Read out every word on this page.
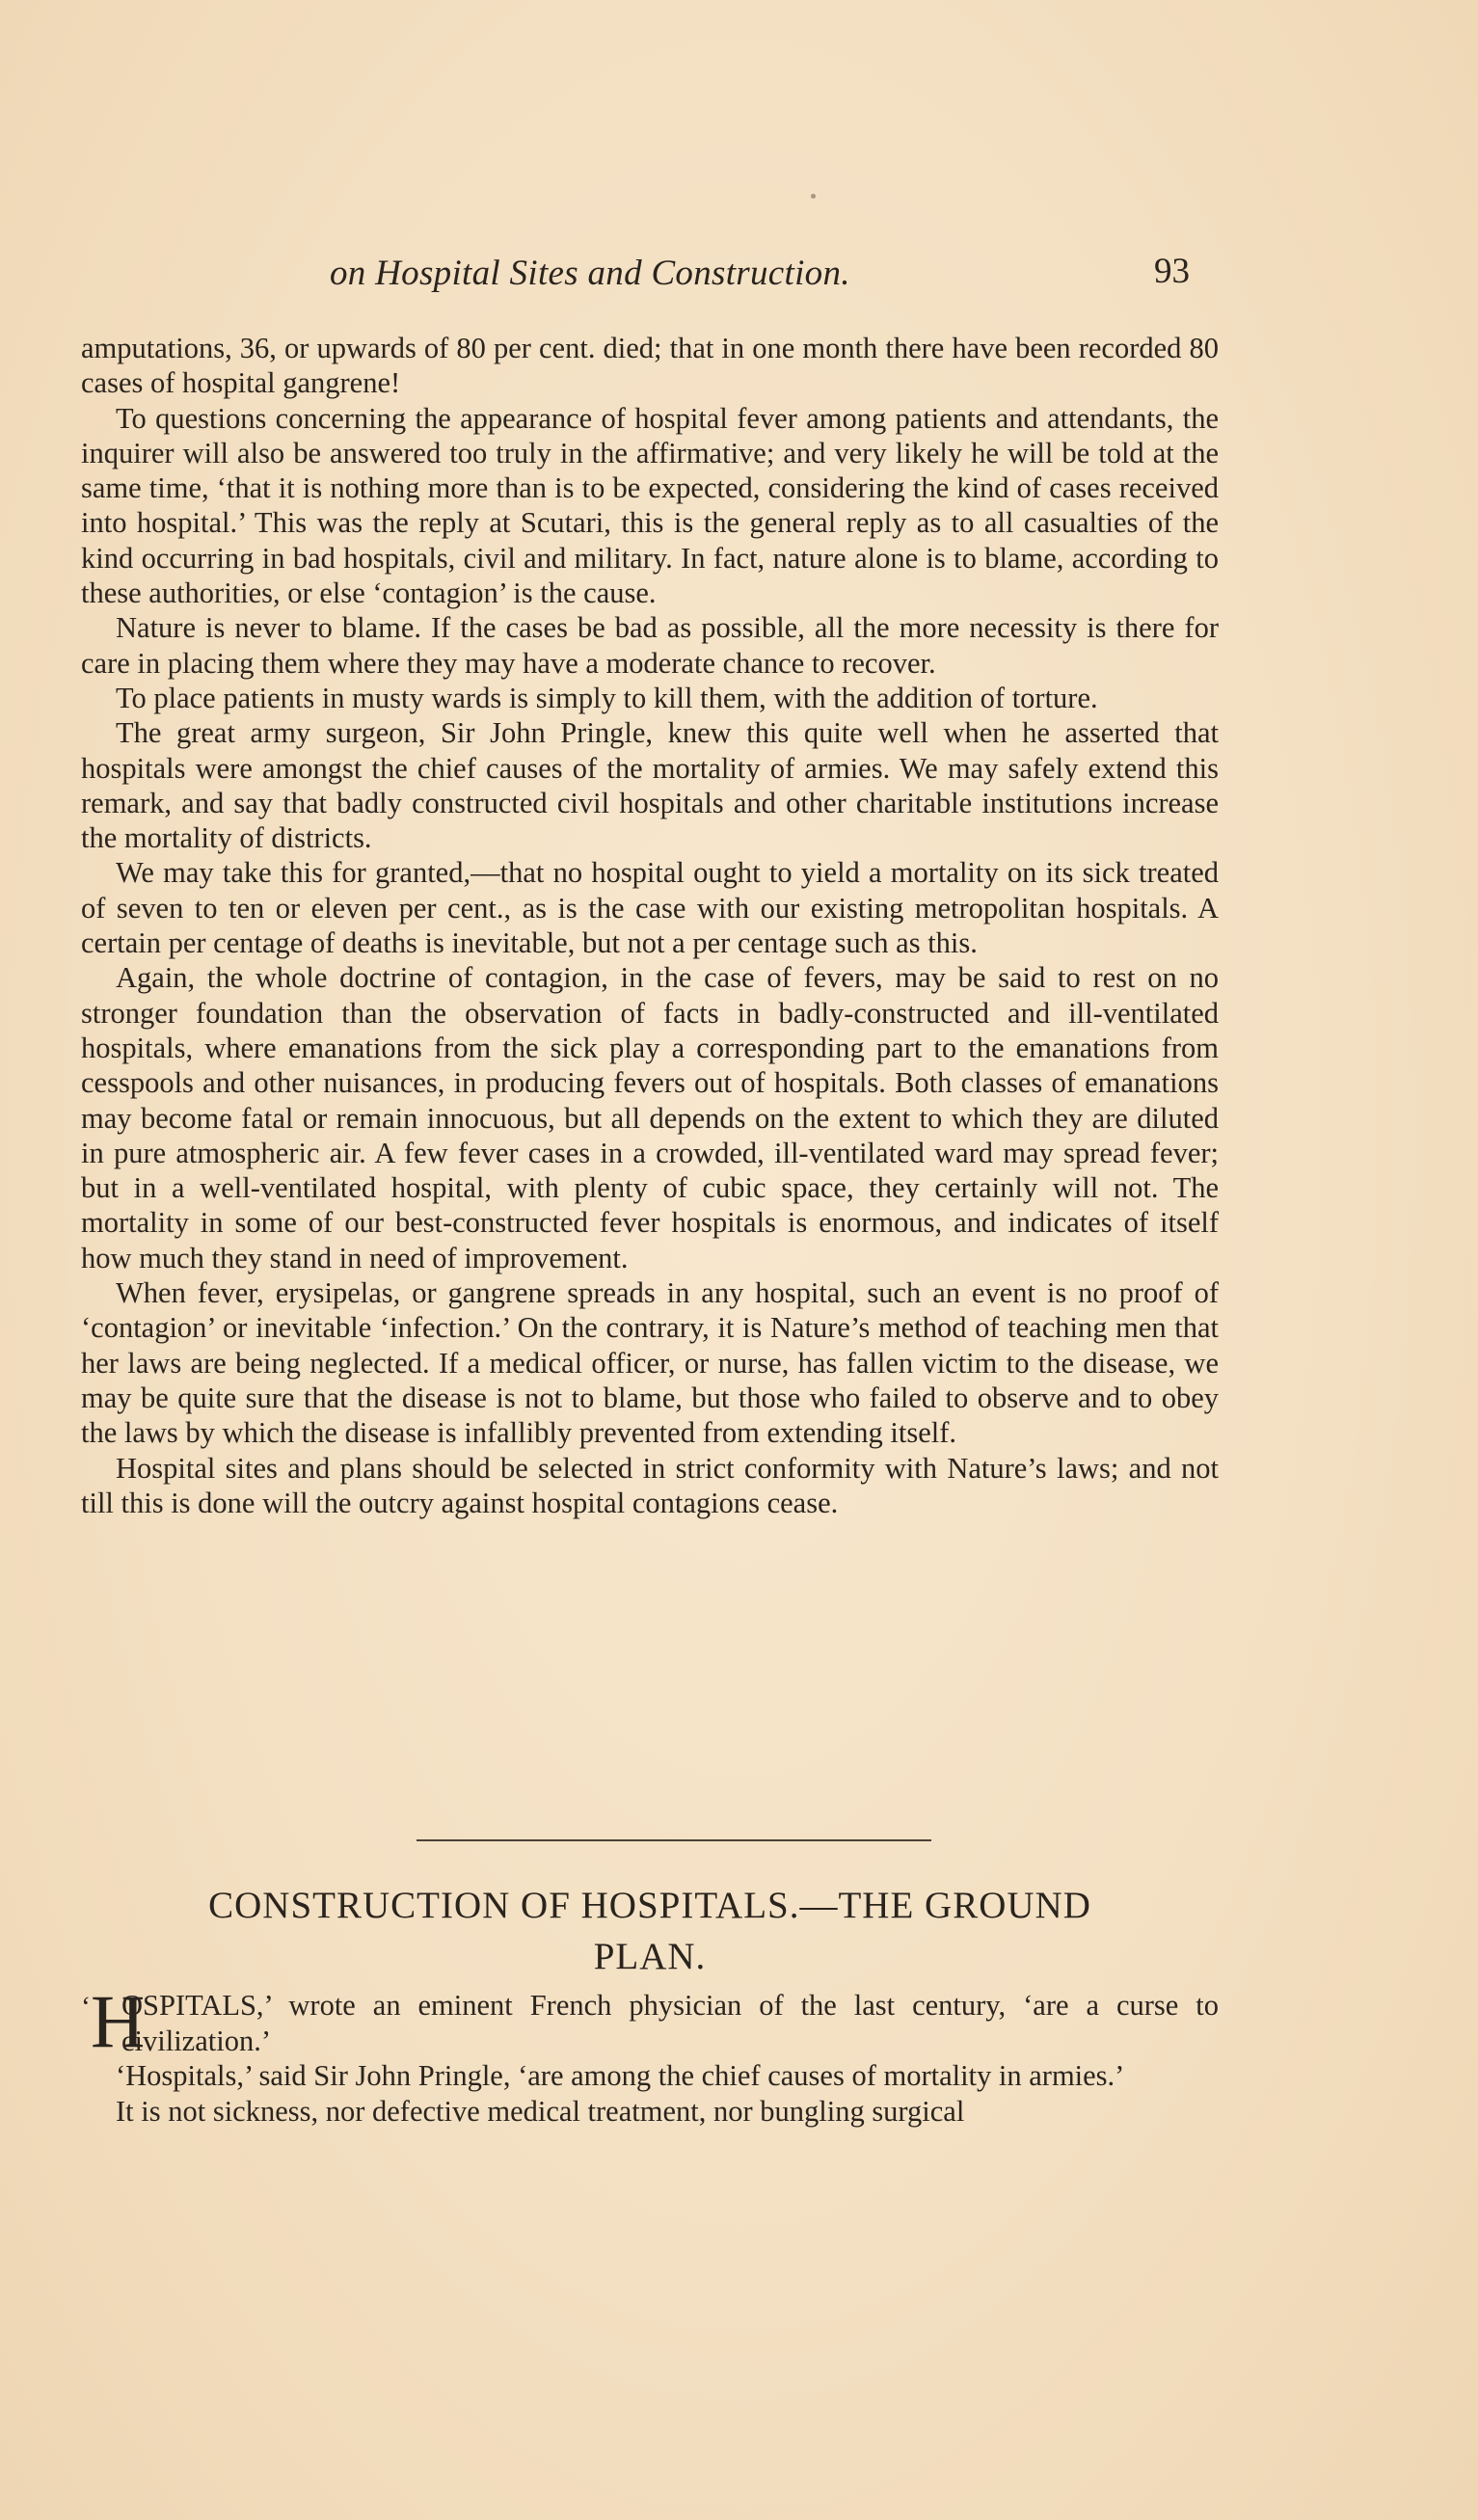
on Hospital Sites and Construction.	93

amputations, 36, or upwards of 80 per cent. died; that in one month there have been recorded 80 cases of hospital gangrene!

To questions concerning the appearance of hospital fever among patients and attendants, the inquirer will also be answered too truly in the affirmative; and very likely he will be told at the same time, ‘that it is nothing more than is to be expected, considering the kind of cases received into hospital.’ This was the reply at Scutari, this is the general reply as to all casualties of the kind occurring in bad hospitals, civil and military. In fact, nature alone is to blame, according to these authorities, or else ‘contagion’ is the cause.

Nature is never to blame. If the cases be bad as possible, all the more necessity is there for care in placing them where they may have a moderate chance to recover.

To place patients in musty wards is simply to kill them, with the addition of torture.

The great army surgeon, Sir John Pringle, knew this quite well when he asserted that hospitals were amongst the chief causes of the mortality of armies. We may safely extend this remark, and say that badly constructed civil hospitals and other charitable institutions increase the mortality of districts.

We may take this for granted,—that no hospital ought to yield a mortality on its sick treated of seven to ten or eleven per cent., as is the case with our existing metropolitan hospitals. A certain per centage of deaths is inevitable, but not a per centage such as this.

Again, the whole doctrine of contagion, in the case of fevers, may be said to rest on no stronger foundation than the observation of facts in badly-constructed and ill-ventilated hospitals, where emanations from the sick play a corresponding part to the emanations from cesspools and other nuisances, in producing fevers out of hospitals. Both classes of emanations may become fatal or remain innocuous, but all depends on the extent to which they are diluted in pure atmospheric air. A few fever cases in a crowded, ill-ventilated ward may spread fever; but in a well-ventilated hospital, with plenty of cubic space, they certainly will not. The mortality in some of our best-constructed fever hospitals is enormous, and indicates of itself how much they stand in need of improvement.

When fever, erysipelas, or gangrene spreads in any hospital, such an event is no proof of ‘contagion’ or inevitable ‘infection.’ On the contrary, it is Nature’s method of teaching men that her laws are being neglected. If a medical officer, or nurse, has fallen victim to the disease, we may be quite sure that the disease is not to blame, but those who failed to observe and to obey the laws by which the disease is infallibly prevented from extending itself.

Hospital sites and plans should be selected in strict conformity with Nature’s laws; and not till this is done will the outcry against hospital contagions cease.

CONSTRUCTION OF HOSPITALS.—THE GROUND
PLAN.

‘ H
OSPITALS,’ wrote an eminent French physician of the last century, ‘are a curse to civilization.’

‘Hospitals,’ said Sir John Pringle, ‘are among the chief causes of mortality in armies.’

It is not sickness, nor defective medical treatment, nor bungling surgical
